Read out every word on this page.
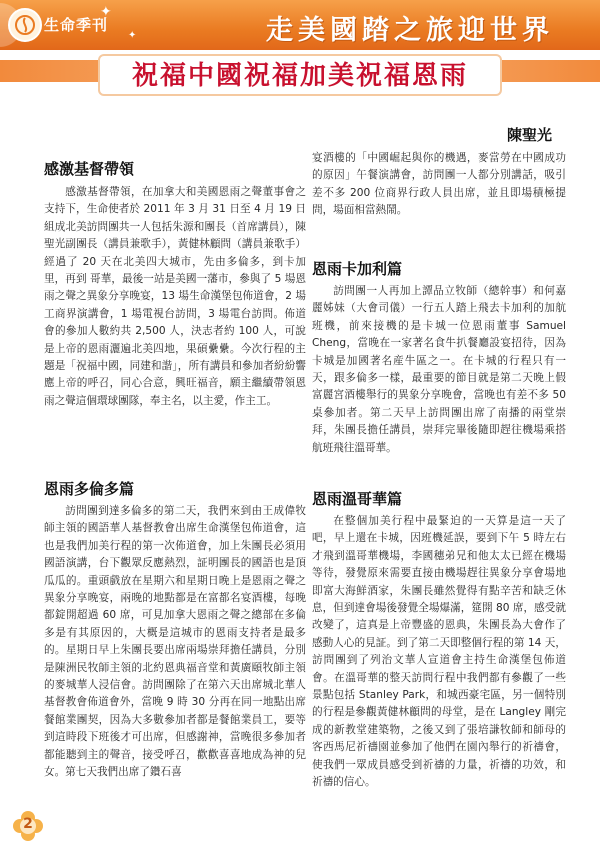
生命季刊
✦
✦	走美國踏之旅迎世界
祝福中國祝福加美祝福恩雨
陳聖光
感激基督帶領
感激基督帶領，在加拿大和美國恩雨之聲董事會之支持下，生命使者於 2011 年 3 月 31 日至 4 月 19 日組成北美訪問團共一人包括朱源和團長（首席講員），陳聖光副團長（講員兼歌手），黃健林顧問（講員兼歌手）經過了 20 天在北美四大城市，先由多倫多，到卡加里，再到 哥華，最後一站是美國一藩市，參與了 5 場恩雨之聲之異象分享晚宴，13 場生命漢堡包佈道會，2 場工商界演講會，1 場電視台訪問，3 場電台訪問。佈道會的參加人數約共 2,500 人，決志者約 100 人，可說是上帝的恩雨灑遍北美四地，果碩纍纍。今次行程的主題是「祝福中國，同建和諧」，所有講員和參加者紛紛響應上帝的呼召，同心合意，興旺福音，願主繼續帶領恩雨之聲這個環球團隊，奉主名，以主愛，作主工。
恩雨多倫多篇
訪問團到達多倫多的第二天，我們來到由王成偉牧師主領的國語華人基督教會出席生命漢堡包佈道會，這也是我們加美行程的第一次佈道會，加上朱團長必須用國語演講，台下觀眾反應熱烈，証明團長的國語也是頂瓜瓜的。重頭戲放在星期六和星期日晚上是恩雨之聲之異象分享晚宴，兩晚的地點都是在富都名宴酒樓，每晚都錠開超過 60 席，可見加拿大恩雨之聲之總部在多倫多是有其原因的，大概是這城市的恩雨支持者是最多的。星期日早上朱團長要出席兩場崇拜擔任講員，分別是陳洲民牧師主領的北約恩典福音堂和黃廣頤牧師主領的麥城華人浸信會。訪問團除了在第六天出席城北華人基督教會佈道會外，當晚 9 時 30 分再在同一地點出席餐館業團契，因為大多數參加者都是餐館業員工，要等到這時段下班後才可出席，但感謝神，當晚很多參加者都能聽到主的聲音，接受呼召，歡歡喜喜地成為神的兒女。第七天我們出席了鑽石喜
宴酒樓的「中國崛起與你的機遇，麥當勞在中國成功的原因」午餐演講會，訪問團一人都分別講話，吸引差不多 200 位商界行政人員出席，並且即場積極提問，場面相當熱鬧。
恩雨卡加利篇
訪問團一人再加上譚品立牧師（總幹事）和何嘉麗姊妹（大會司儀）一行五人踏上飛去卡加利的加航班機，前來接機的是卡城一位恩雨董事 Samuel Cheng，當晚在一家著名食牛扒餐廳設宴招待，因為卡城是加國著名産牛區之一。在卡城的行程只有一天，跟多倫多一樣，最重要的節目就是第二天晚上假富麗宮酒樓舉行的異象分享晚會，當晚也有差不多 50 桌參加者。第二天早上訪問團出席了南播的兩堂崇拜，朱團長擔任講員，崇拜完畢後隨即趕往機場乘搭航班飛往溫哥華。
恩雨溫哥華篇
在整個加美行程中最緊迫的一天算是這一天了吧，早上還在卡城，因班機延誤，要到下午 5 時左右才飛到溫哥華機場，李國穗弟兄和他太太已經在機場等待，發覺原來需要直接由機場趕往異象分享會場地即富大海鮮酒家，朱團長雖然覺得有點辛苦和缺乏休息，但到達會場後發覺全場爆滿，筵開 80 席，感受就改變了，這真是上帝豐盛的恩典，朱團長為大會作了感動人心的見証。到了第二天即整個行程的第 14 天，訪問團到了列治文華人宣道會主持生命漢堡包佈道會。在溫哥華的整天訪問行程中我們都有參觀了一些景點包括 Stanley Park，和城西豪宅區，另一個特別的行程是參觀黃健林顧問的母堂，是在 Langley 剛完成的新教堂建築物，之後又到了張培謙牧師和師母的客西馬尼祈禱園並參加了他們在園內舉行的祈禱會，使我們一眾成員感受到祈禱的力量，祈禱的功效，和祈禱的信心。
2
